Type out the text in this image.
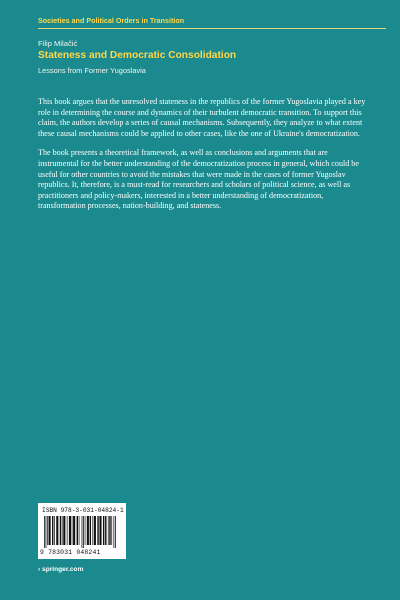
Societies and Political Orders in Transition
Filip Milačić
Stateness and Democratic Consolidation
Lessons from Former Yugoslavia

This book argues that the unresolved stateness in the republics of the former Yugoslavia played a key role in determining the course and dynamics of their turbulent democratic transition. To support this claim, the authors develop a series of causal mechanisms. Subsequently, they analyze to what extent these causal mechanisms could be applied to other cases, like the one of Ukraine's democratization.

The book presents a theoretical framework, as well as conclusions and arguments that are instrumental for the better understanding of the democratization process in general, which could be useful for other countries to avoid the mistakes that were made in the cases of former Yugoslav republics. It, therefore, is a must-read for researchers and scholars of political science, as well as practitioners and policy-makers, interested in a better understanding of democratization, transformation processes, nation-building, and stateness.

ISBN 978-3-031-04824-1
9 783031 048241
› springer.com
